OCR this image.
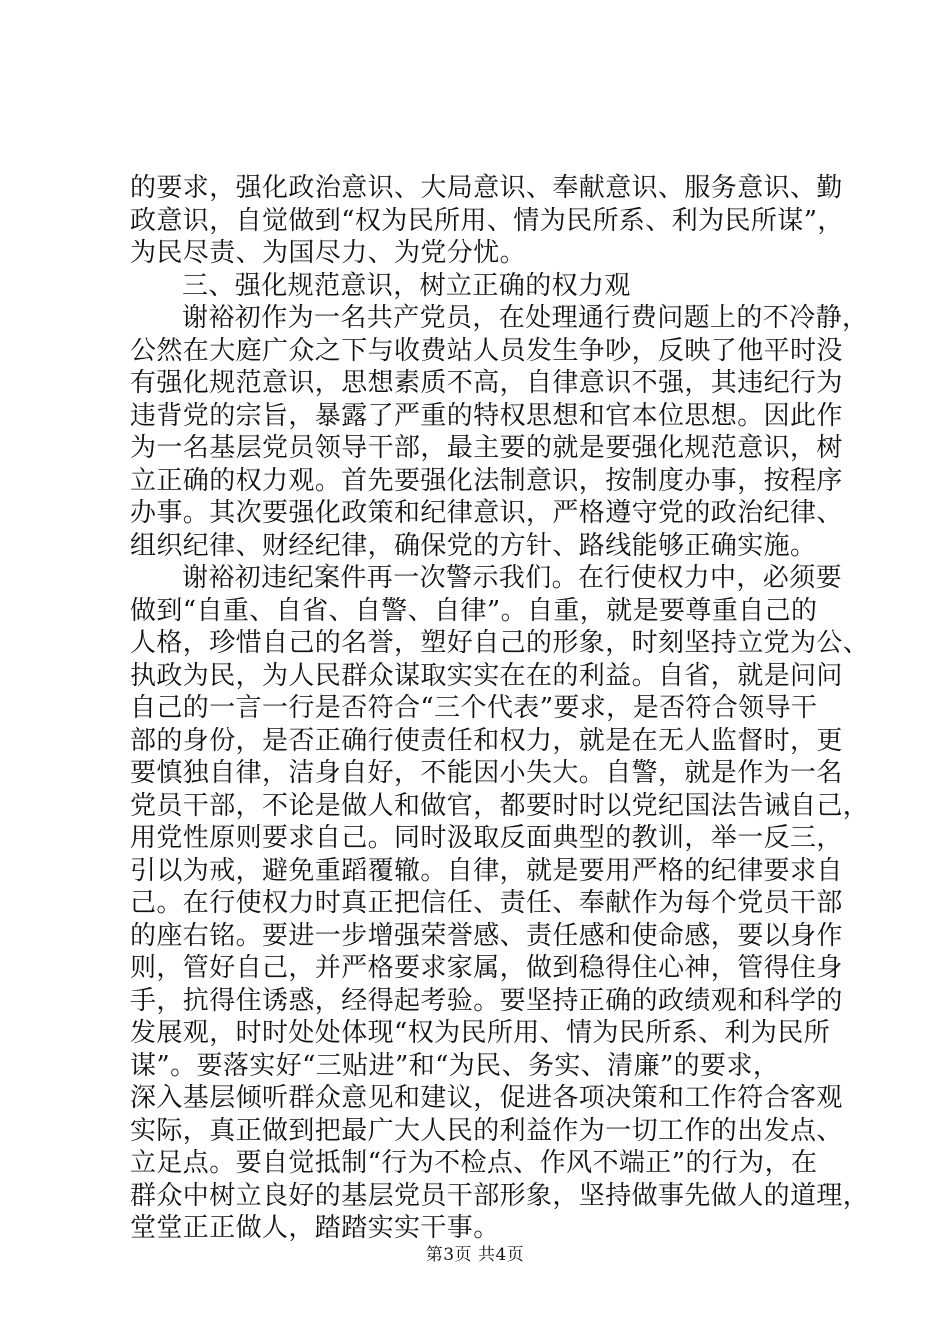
的要求，强化政治意识、大局意识、奉献意识、服务意识、勤
政意识，自觉做到“权为民所用、情为民所系、利为民所谋”，
为民尽责、为国尽力、为党分忧。
三、强化规范意识，树立正确的权力观
谢裕初作为一名共产党员，在处理通行费问题上的不冷静，
公然在大庭广众之下与收费站人员发生争吵，反映了他平时没
有强化规范意识，思想素质不高，自律意识不强，其违纪行为
违背党的宗旨，暴露了严重的特权思想和官本位思想。因此作
为一名基层党员领导干部，最主要的就是要强化规范意识，树
立正确的权力观。首先要强化法制意识，按制度办事，按程序
办事。其次要强化政策和纪律意识，严格遵守党的政治纪律、
组织纪律、财经纪律，确保党的方针、路线能够正确实施。
谢裕初违纪案件再一次警示我们。在行使权力中，必须要
做到“自重、自省、自警、自律”。自重，就是要尊重自己的
人格，珍惜自己的名誉，塑好自己的形象，时刻坚持立党为公、
执政为民，为人民群众谋取实实在在的利益。自省，就是问问
自己的一言一行是否符合“三个代表”要求，是否符合领导干
部的身份，是否正确行使责任和权力，就是在无人监督时，更
要慎独自律，洁身自好，不能因小失大。自警，就是作为一名
党员干部，不论是做人和做官，都要时时以党纪国法告诫自己，
用党性原则要求自己。同时汲取反面典型的教训，举一反三，
引以为戒，避免重蹈覆辙。自律，就是要用严格的纪律要求自
己。在行使权力时真正把信任、责任、奉献作为每个党员干部
的座右铭。要进一步增强荣誉感、责任感和使命感，要以身作
则，管好自己，并严格要求家属，做到稳得住心神，管得住身
手，抗得住诱惑，经得起考验。要坚持正确的政绩观和科学的
发展观，时时处处体现“权为民所用、情为民所系、利为民所
谋”。要落实好“三贴进”和“为民、务实、清廉”的要求，
深入基层倾听群众意见和建议，促进各项决策和工作符合客观
实际，真正做到把最广大人民的利益作为一切工作的出发点、
立足点。要自觉抵制“行为不检点、作风不端正”的行为，在
群众中树立良好的基层党员干部形象，坚持做事先做人的道理，
堂堂正正做人，踏踏实实干事。
第3页 共4页
